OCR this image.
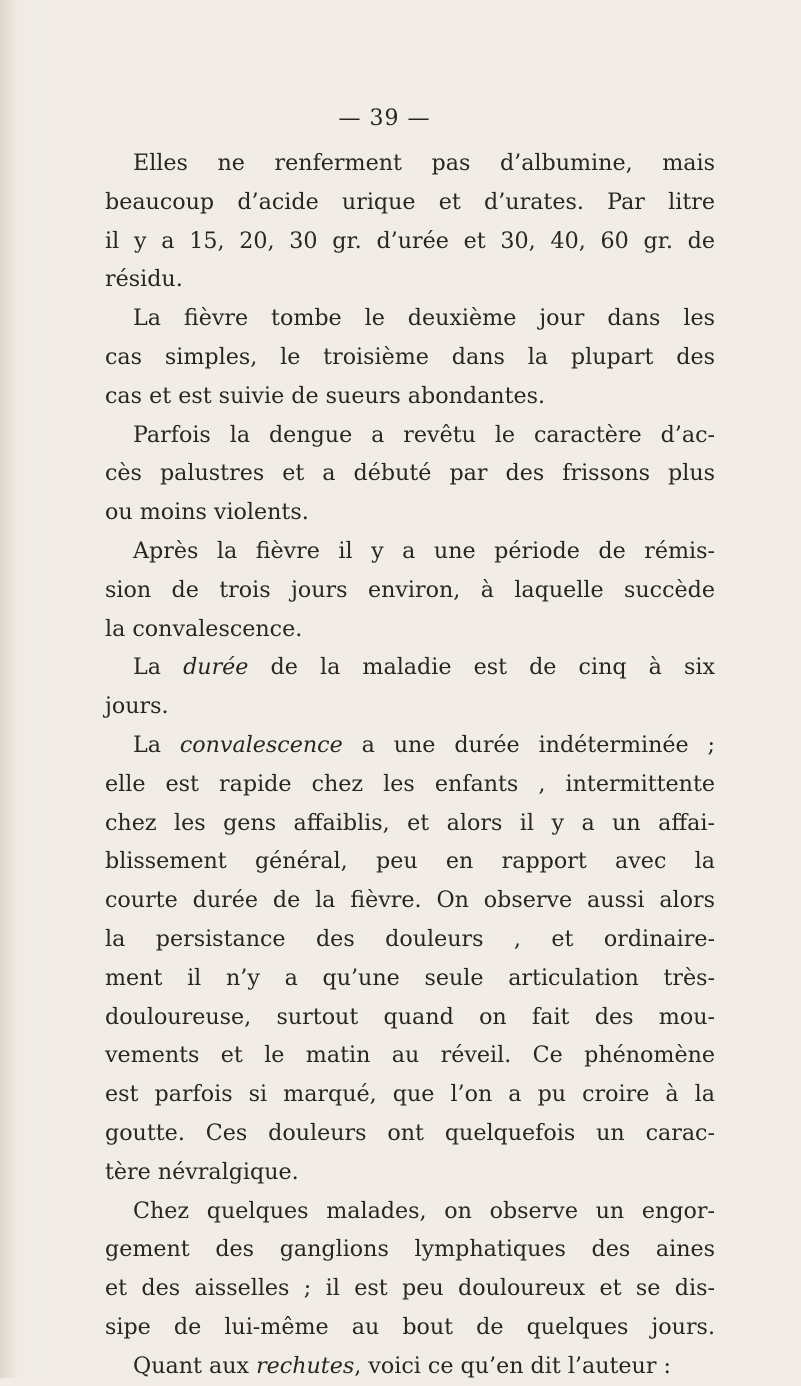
— 39 —
Elles ne renferment pas d’albumine, mais
beaucoup d’acide urique et d’urates. Par litre
il y a 15, 20, 30 gr. d’urée et 30, 40, 60 gr. de
résidu.
La fièvre tombe le deuxième jour dans les
cas simples, le troisième dans la plupart des
cas et est suivie de sueurs abondantes.
Parfois la dengue a revêtu le caractère d’ac-
cès palustres et a débuté par des frissons plus
ou moins violents.
Après la fièvre il y a une période de rémis-
sion de trois jours environ, à laquelle succède
la convalescence.
La durée de la maladie est de cinq à six
jours.
La convalescence a une durée indéterminée ;
elle est rapide chez les enfants , intermittente
chez les gens affaiblis, et alors il y a un affai-
blissement général, peu en rapport avec la
courte durée de la fièvre. On observe aussi alors
la persistance des douleurs , et ordinaire-
ment il n’y a qu’une seule articulation très-
douloureuse, surtout quand on fait des mou-
vements et le matin au réveil. Ce phénomène
est parfois si marqué, que l’on a pu croire à la
goutte. Ces douleurs ont quelquefois un carac-
tère névralgique.
Chez quelques malades, on observe un engor-
gement des ganglions lymphatiques des aines
et des aisselles ; il est peu douloureux et se dis-
sipe de lui-même au bout de quelques jours.
Quant aux rechutes, voici ce qu’en dit l’auteur :
